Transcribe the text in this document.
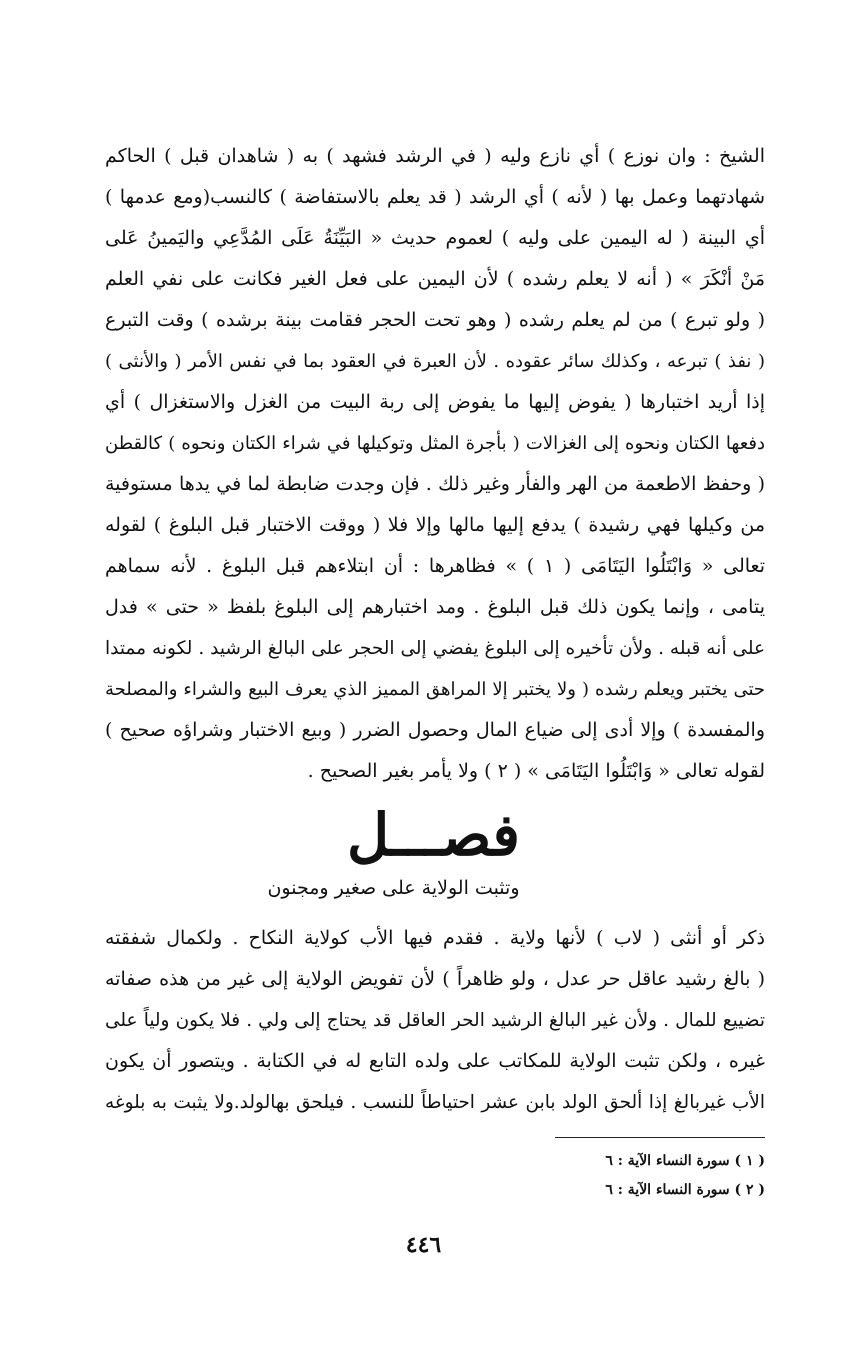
الشيخ : وان نوزع ) أي نازع وليه ( في الرشد فشهد ) به ( شاهدان قبل ) الحاكم
شهادتهما وعمل بها ( لأنه ) أي الرشد ( قد يعلم بالاستفاضة ) كالنسب(ومع عدمها )
أي البينة ( له اليمين على وليه ) لعموم حديث « البَيِّنَةُ عَلَى المُدَّعِي واليَمينُ عَلى
مَنْ أنْكَرَ » ( أنه لا يعلم رشده ) لأن اليمين على فعل الغير فكانت على نفي العلم
( ولو تبرع ) من لم يعلم رشده ( وهو تحت الحجر فقامت بينة برشده ) وقت التبرع
( نفذ ) تبرعه ، وكذلك سائر عقوده . لأن العبرة في العقود بما في نفس الأمر ( والأنثى )
إذا أريد اختبارها ( يفوض إليها ما يفوض إلى ربة البيت من الغزل والاستغزال ) أي
دفعها الكتان ونحوه إلى الغزالات ( بأجرة المثل وتوكيلها في شراء الكتان ونحوه ) كالقطن
( وحفظ الاطعمة من الهر والفأر وغير ذلك . فإن وجدت ضابطة لما في يدها مستوفية
من وكيلها فهي رشيدة ) يدفع إليها مالها وإلا فلا ( ووقت الاختبار قبل البلوغ ) لقوله
تعالى « وَابْتَلُوا اليَتَامَى ( ١ ) » فظاهرها : أن ابتلاءهم قبل البلوغ . لأنه سماهم
يتامى ، وإنما يكون ذلك قبل البلوغ . ومد اختبارهم إلى البلوغ بلفظ « حتى » فدل
على أنه قبله . ولأن تأخيره إلى البلوغ يفضي إلى الحجر على البالغ الرشيد . لكونه ممتدا
حتى يختبر ويعلم رشده ( ولا يختبر إلا المراهق المميز الذي يعرف البيع والشراء والمصلحة
والمفسدة ) وإلا أدى إلى ضياع المال وحصول الضرر ( وبيع الاختبار وشراؤه صحيح )
لقوله تعالى « وَابْتَلُوا اليَتَامَى » ( ٢ ) ولا يأمر بغير الصحيح .
فصـــل
وتثبت الولاية على صغير ومجنون
ذكر أو أنثى ( لاب ) لأنها ولاية . فقدم فيها الأب كولاية النكاح . ولكمال شفقته
( بالغ رشيد عاقل حر عدل ، ولو ظاهراً ) لأن تفويض الولاية إلى غير من هذه صفاته
تضييع للمال . ولأن غير البالغ الرشيد الحر العاقل قد يحتاج إلى ولي . فلا يكون ولياً على
غيره ، ولكن تثبت الولاية للمكاتب على ولده التابع له في الكتابة . ويتصور أن يكون
الأب غيربالغ إذا ألحق الولد بابن عشر احتياطاً للنسب . فيلحق بهالولد.ولا يثبت به بلوغه
( ١ ) سورة النساء الآية : ٦
( ٢ ) سورة النساء الآية : ٦
٤٤٦
